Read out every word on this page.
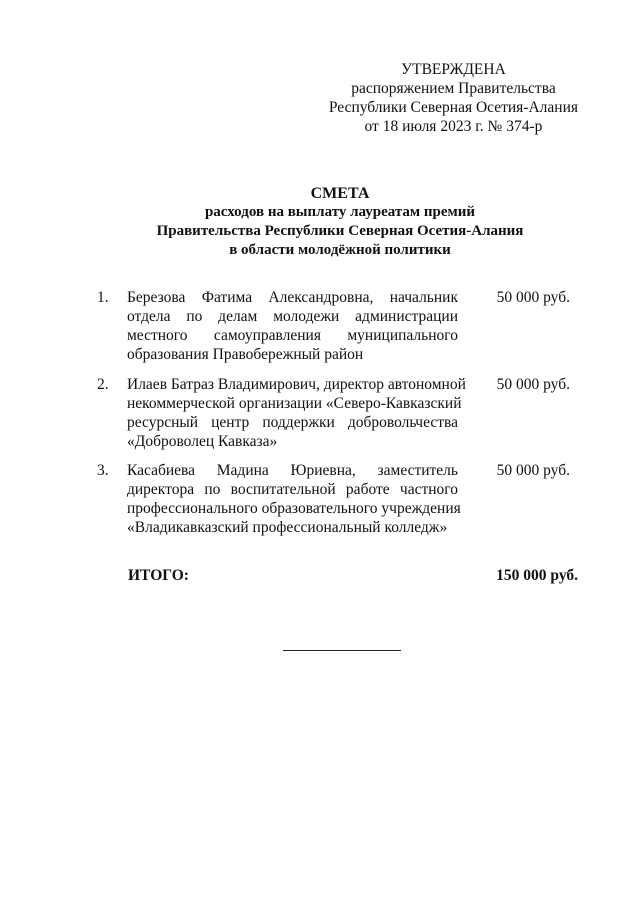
УТВЕРЖДЕНА
распоряжением Правительства
Республики Северная Осетия-Алания
от 18 июля 2023 г. № 374-р
СМЕТА
расходов на выплату лауреатам премий
Правительства Республики Северная Осетия-Алания
в области молодёжной политики
1. Березова Фатима Александровна, начальник
отдела по делам молодежи администрации
местного самоуправления муниципального
образования Правобережный район
50 000 руб.
2. Илаев Батраз Владимирович, директор автономной
некоммерческой организации «Северо-Кавказский
ресурсный центр поддержки добровольчества
«Доброволец Кавказа»
50 000 руб.
3. Касабиева Мадина Юриевна, заместитель
директора по воспитательной работе частного
профессионального образовательного учреждения
«Владикавказский профессиональный колледж»
50 000 руб.
ИТОГО:	150 000 руб.
